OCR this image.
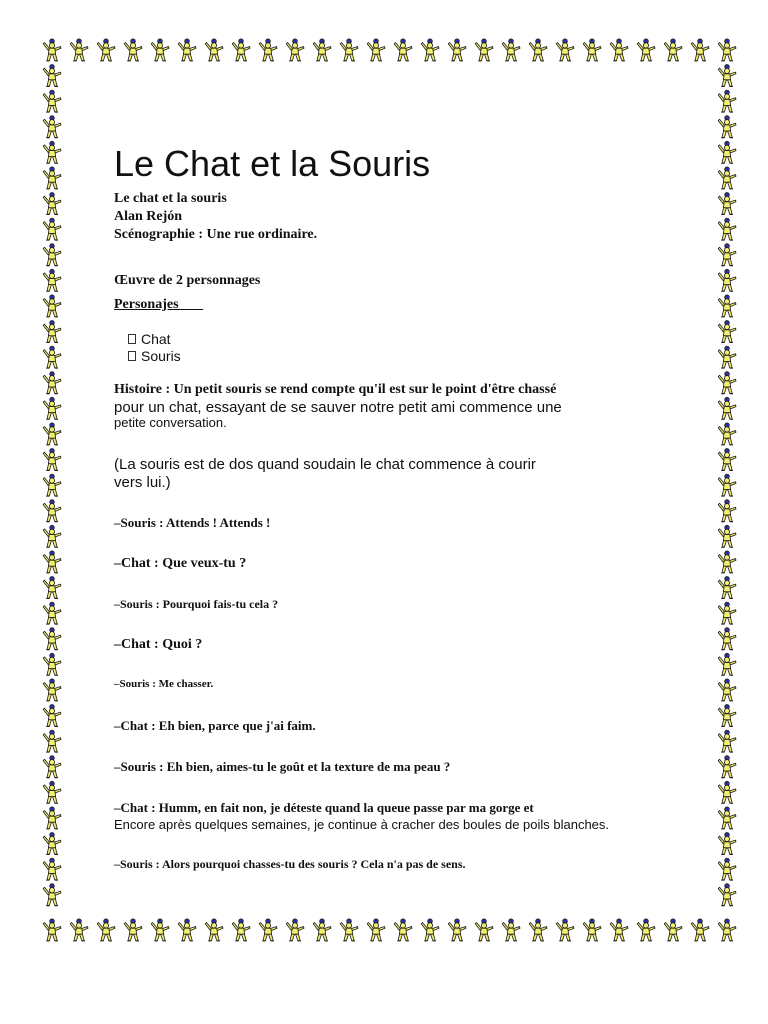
Le Chat et la Souris
Le chat et la souris
Alan Rejón
Scénographie : Une rue ordinaire.
Œuvre de 2 personnages
Personajes
Chat
Souris
Histoire : Un petit souris se rend compte qu'il est sur le point d'être chassé
pour un chat, essayant de se sauver notre petit ami commence une
petite conversation.
(La souris est de dos quand soudain le chat commence à courir
vers lui.)
–Souris : Attends ! Attends !
–Chat : Que veux-tu ?
–Souris : Pourquoi fais-tu cela ?
–Chat : Quoi ?
–Souris : Me chasser.
–Chat : Eh bien, parce que j'ai faim.
–Souris : Eh bien, aimes-tu le goût et la texture de ma peau ?
–Chat : Humm, en fait non, je déteste quand la queue passe par ma gorge et
Encore après quelques semaines, je continue à cracher des boules de poils blanches.
–Souris : Alors pourquoi chasses-tu des souris ? Cela n'a pas de sens.
